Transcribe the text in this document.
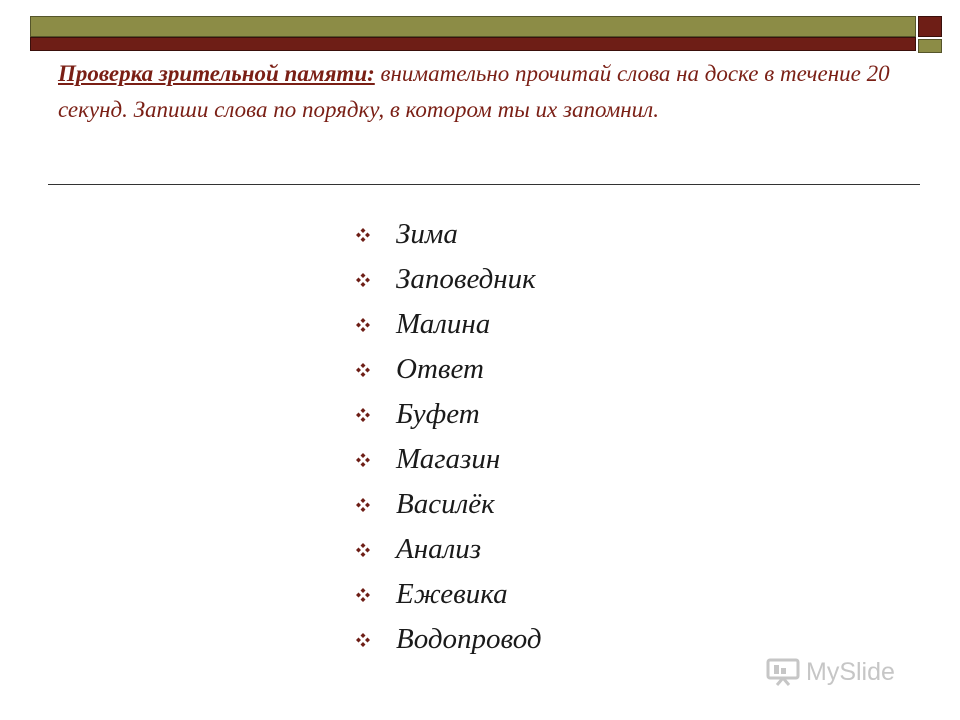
Проверка зрительной памяти: внимательно прочитай слова на доске в течение 20 секунд. Запиши слова по порядку, в котором ты их запомнил.
Зима
Заповедник
Малина
Ответ
Буфет
Магазин
Василёк
Анализ
Ежевика
Водопровод
MySlide
